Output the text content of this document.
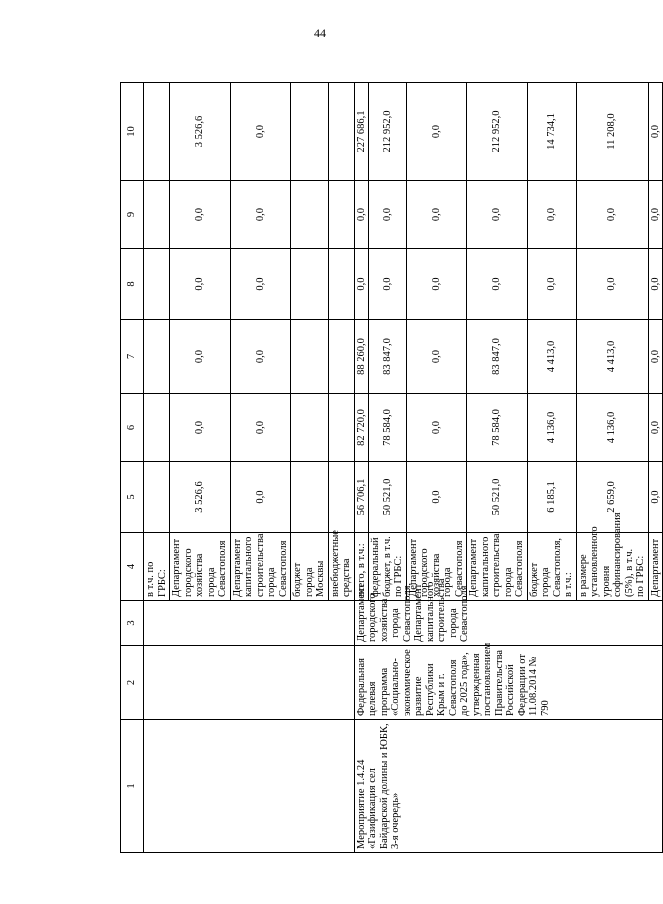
44
1	2	3	4	5	6	7	8	9	10
			в т.ч. по ГРБС:						
			Департамент городского хозяйства города Севастополя	3 526,6	0,0	0,0	0,0	0,0	3 526,6
			Департамент капитального строительства города Севастополя	0,0	0,0	0,0	0,0	0,0	0,0
			бюджет города Москвы						
			внебюджетные средства						
Мероприятие 1.4.24 «Газификация сел Байдарской долины и ЮБК, 3-я очередь»	Федеральная целевая программа «Социально-экономическое развитие Республики Крым и г. Севастополя до 2025 года», утвержденная постановлением Правительства Российской Федерации от 11.08.2014 № 790	Департамент городского хозяйства города Севастополя, Департамент капитального строительства города Севастополя	всего, в т.ч.:	56 706,1	82 720,0	88 260,0	0,0	0,0	227 686,1
			федеральный бюджет, в т.ч. по ГРБС:	50 521,0	78 584,0	83 847,0	0,0	0,0	212 952,0
			Департамент городского хозяйства города Севастополя	0,0	0,0	0,0	0,0	0,0	0,0
			Департамент капитального строительства города Севастополя	50 521,0	78 584,0	83 847,0	0,0	0,0	212 952,0
			бюджет города Севастополя, в т.ч.:	6 185,1	4 136,0	4 413,0	0,0	0,0	14 734,1
			в размере установленного уровня софинансирования (5%), в т.ч. по ГРБС:	2 659,0	4 136,0	4 413,0	0,0	0,0	11 208,0
			Департамент	0,0	0,0	0,0	0,0	0,0	0,0
